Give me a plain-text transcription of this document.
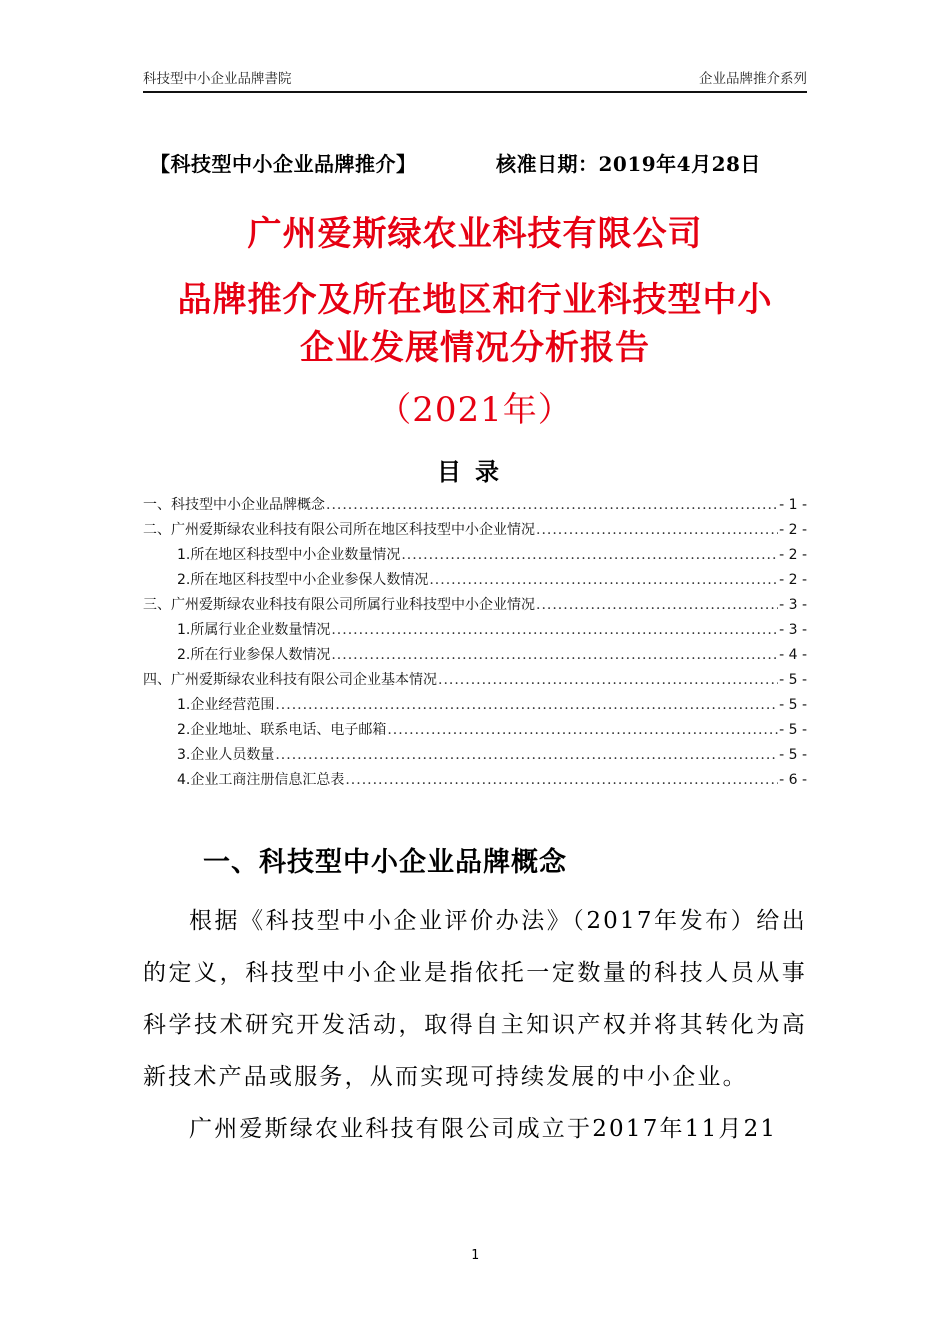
科技型中小企业品牌書院	企业品牌推介系列
【科技型中小企业品牌推介】	核准日期：2019年4月28日
广州爱斯绿农业科技有限公司
品牌推介及所在地区和行业科技型中小
企业发展情况分析报告
（2021年）
目录
一、科技型中小企业品牌概念 .....	- 1 -
二、广州爱斯绿农业科技有限公司所在地区科技型中小企业情况 .....	- 2 -
1.所在地区科技型中小企业数量情况 .....	- 2 -
2.所在地区科技型中小企业参保人数情况 .....	- 2 -
三、广州爱斯绿农业科技有限公司所属行业科技型中小企业情况 .....	- 3 -
1.所属行业企业数量情况 .....	- 3 -
2.所在行业参保人数情况 .....	- 4 -
四、广州爱斯绿农业科技有限公司企业基本情况 .....	- 5 -
1.企业经营范围 .....	- 5 -
2.企业地址、联系电话、电子邮箱 .....	- 5 -
3.企业人员数量 .....	- 5 -
4.企业工商注册信息汇总表 .....	- 6 -
一、科技型中小企业品牌概念

根据《科技型中小企业评价办法》（2017年发布）给出的定义，科技型中小企业是指依托一定数量的科技人员从事科学技术研究开发活动，取得自主知识产权并将其转化为高新技术产品或服务，从而实现可持续发展的中小企业。

广州爱斯绿农业科技有限公司成立于2017年11月21

1
